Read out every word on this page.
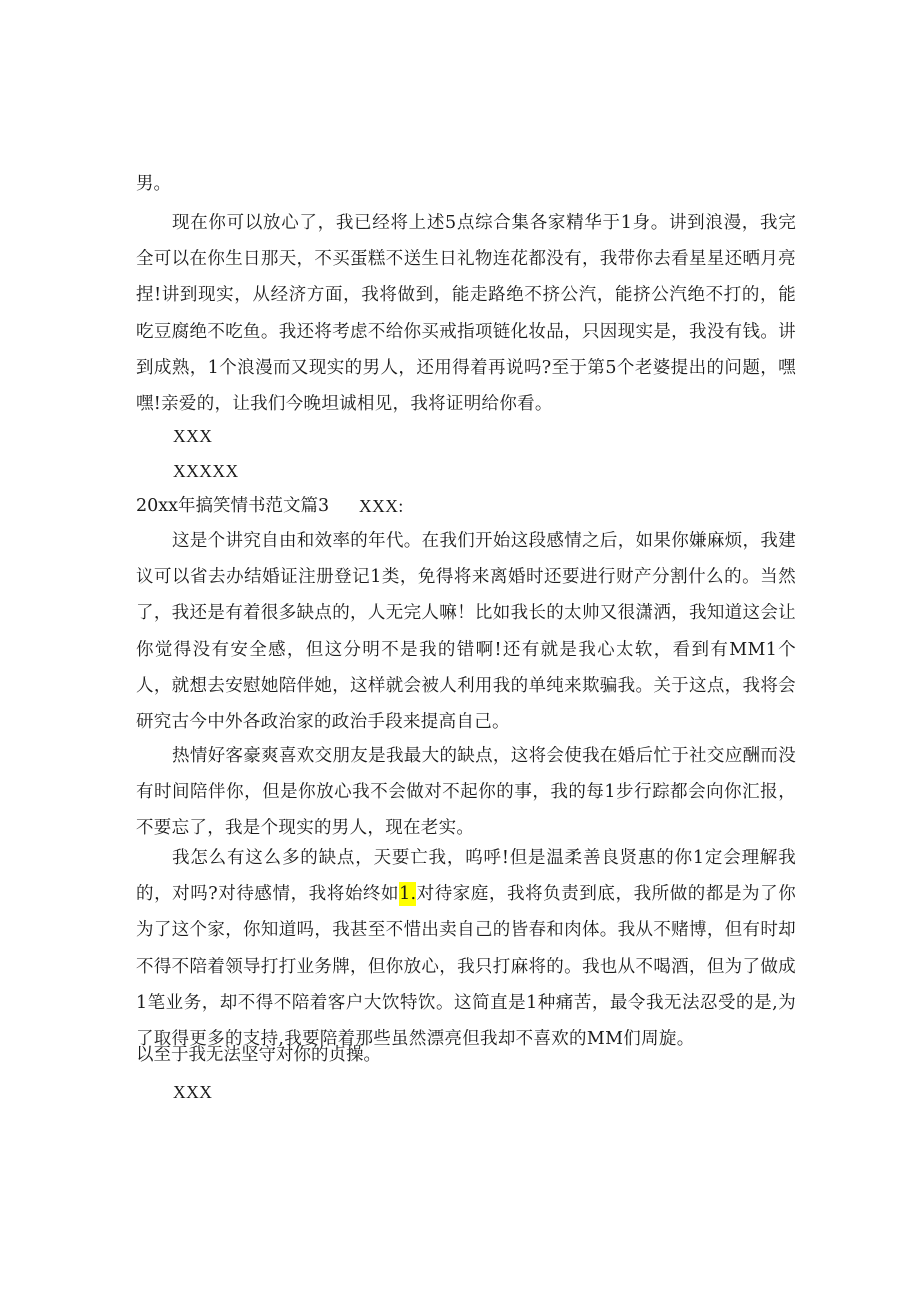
男。

现在你可以放心了，我已经将上述5点综合集各家精华于1身。讲到浪漫，我完全可以在你生日那天，不买蛋糕不送生日礼物连花都没有，我带你去看星星还晒月亮捏!讲到现实，从经济方面，我将做到，能走路绝不挤公汽，能挤公汽绝不打的，能吃豆腐绝不吃鱼。我还将考虑不给你买戒指项链化妆品，只因现实是，我没有钱。讲到成熟，1个浪漫而又现实的男人，还用得着再说吗?至于第5个老婆提出的问题，嘿嘿!亲爱的，让我们今晚坦诚相见，我将证明给你看。

XXX

XXXXX

20xx年搞笑情书范文篇3 XXX:

这是个讲究自由和效率的年代。在我们开始这段感情之后，如果你嫌麻烦，我建议可以省去办结婚证注册登记1类，免得将来离婚时还要进行财产分割什么的。当然了，我还是有着很多缺点的，人无完人嘛！比如我长的太帅又很潇洒，我知道这会让你觉得没有安全感，但这分明不是我的错啊!还有就是我心太软，看到有MM1个人，就想去安慰她陪伴她，这样就会被人利用我的单纯来欺骗我。关于这点，我将会研究古今中外各政治家的政治手段来提高自己。

热情好客豪爽喜欢交朋友是我最大的缺点，这将会使我在婚后忙于社交应酬而没有时间陪伴你，但是你放心我不会做对不起你的事，我的每1步行踪都会向你汇报，不要忘了，我是个现实的男人，现在老实。

我怎么有这么多的缺点，天要亡我，呜呼!但是温柔善良贤惠的你1定会理解我的，对吗?对待感情，我将始终如1.对待家庭，我将负责到底，我所做的都是为了你为了这个家，你知道吗，我甚至不惜出卖自己的皆春和肉体。我从不赌博，但有时却不得不陪着领导打打业务牌，但你放心，我只打麻将的。我也从不喝酒，但为了做成1笔业务，却不得不陪着客户大饮特饮。这简直是1种痛苦，最令我无法忍受的是,为了取得更多的支持,我要陪着那些虽然漂亮但我却不喜欢的MM们周旋。

以至于我无法坚守对你的贞操。

XXX
